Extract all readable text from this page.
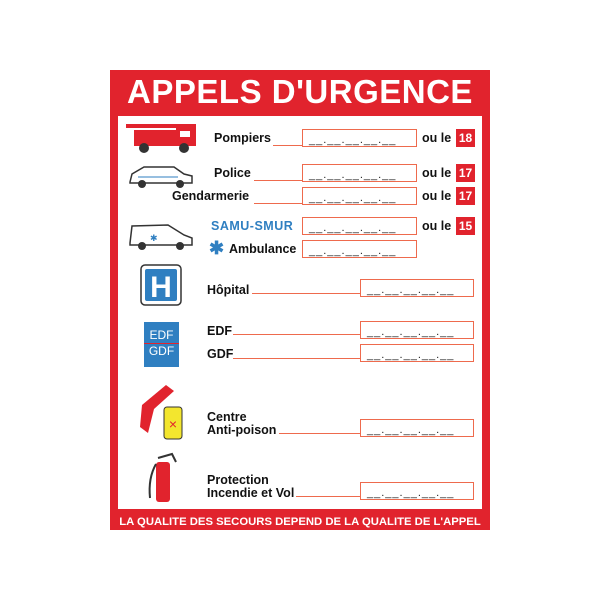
APPELS D'URGENCE
LA QUALITE DES SECOURS DEPEND DE LA QUALITE DE L'APPEL
✱
H
EDF
GDF
×
Pompiers	__.__.__.__.__	ou le 18
Police	__.__.__.__.__	ou le 17
Gendarmerie	__.__.__.__.__	ou le 17
SAMU-SMUR	__.__.__.__.__	ou le 15
✱ Ambulance	__.__.__.__.__
Hôpital	__.__.__.__.__
EDF	__.__.__.__.__
GDF	__.__.__.__.__
Centre
Anti-poison	__.__.__.__.__
Protection
Incendie et Vol	__.__.__.__.__
